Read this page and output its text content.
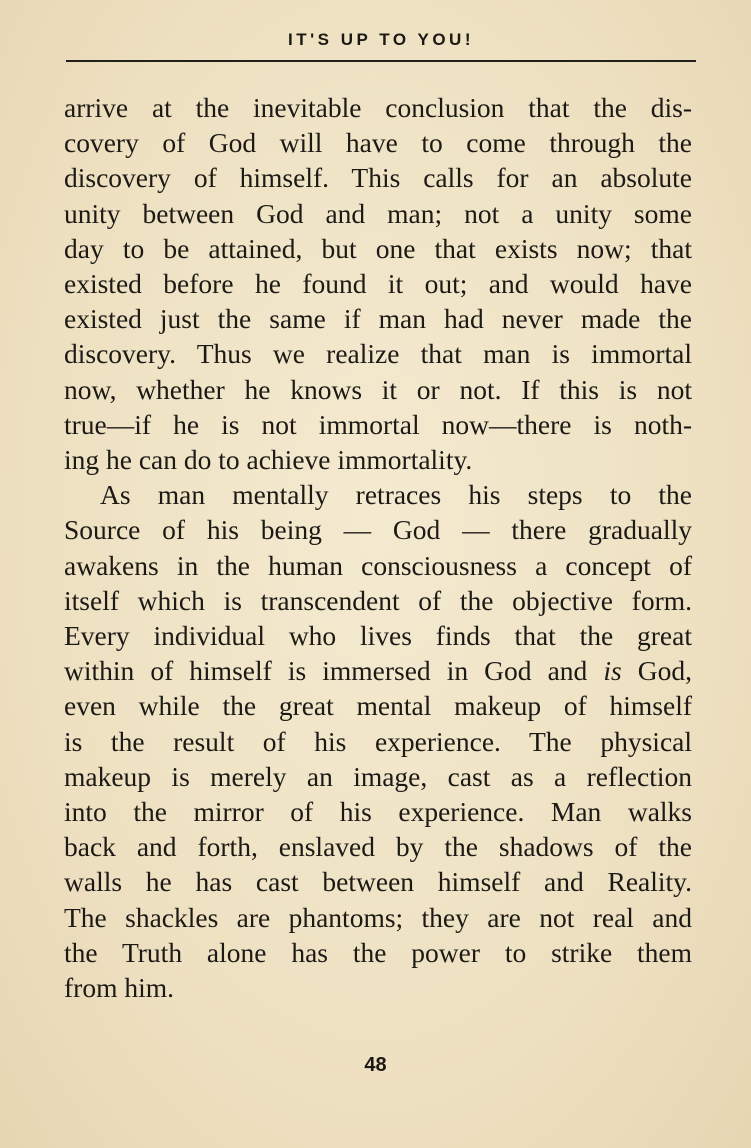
IT'S UP TO YOU!

arrive at the inevitable conclusion that the dis-
covery of God will have to come through the
discovery of himself. This calls for an absolute
unity between God and man; not a unity some
day to be attained, but one that exists now; that
existed before he found it out; and would have
existed just the same if man had never made the
discovery. Thus we realize that man is immortal
now, whether he knows it or not. If this is not
true—if he is not immortal now—there is noth-
ing he can do to achieve immortality.

As man mentally retraces his steps to the
Source of his being — God — there gradually
awakens in the human consciousness a concept of
itself which is transcendent of the objective form.
Every individual who lives finds that the great
within of himself is immersed in God and is God,
even while the great mental makeup of himself
is the result of his experience. The physical
makeup is merely an image, cast as a reflection
into the mirror of his experience. Man walks
back and forth, enslaved by the shadows of the
walls he has cast between himself and Reality.
The shackles are phantoms; they are not real and
the Truth alone has the power to strike them
from him.

48
